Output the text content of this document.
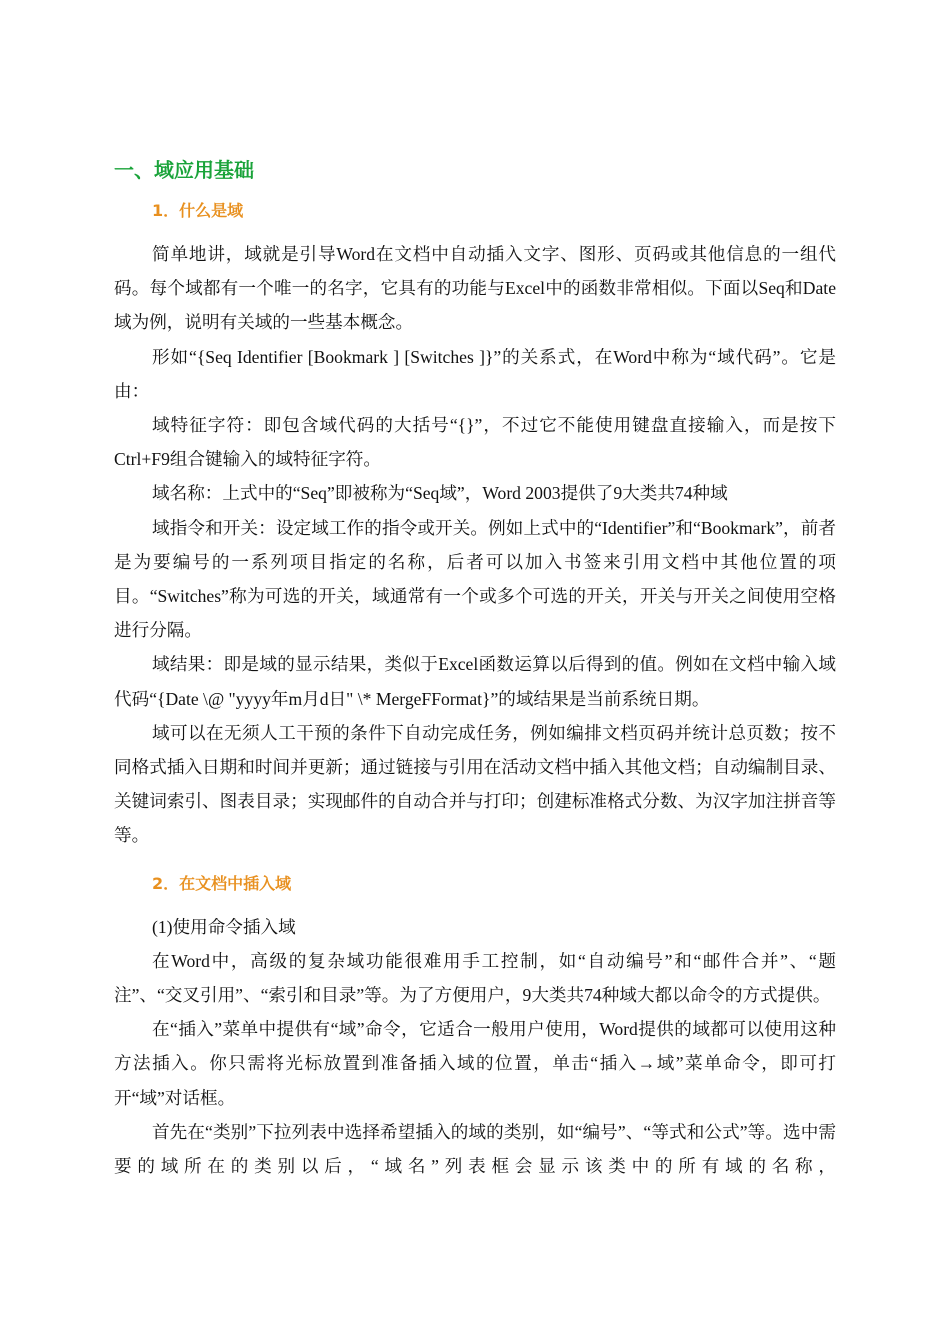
一、域应用基础
1．什么是域

简单地讲，域就是引导Word在文档中自动插入文字、图形、页码或其他信息的一组代码。每个域都有一个唯一的名字，它具有的功能与Excel中的函数非常相似。下面以Seq和Date域为例，说明有关域的一些基本概念。

形如“{Seq Identifier [Bookmark ] [Switches ]}”的关系式，在Word中称为“域代码”。它是由：

域特征字符：即包含域代码的大括号“{}”，不过它不能使用键盘直接输入，而是按下Ctrl+F9组合键输入的域特征字符。

域名称：上式中的“Seq”即被称为“Seq域”，Word 2003提供了9大类共74种域

域指令和开关：设定域工作的指令或开关。例如上式中的“Identifier”和“Bookmark”，前者是为要编号的一系列项目指定的名称，后者可以加入书签来引用文档中其他位置的项目。“Switches”称为可选的开关，域通常有一个或多个可选的开关，开关与开关之间使用空格进行分隔。

域结果：即是域的显示结果，类似于Excel函数运算以后得到的值。例如在文档中输入域代码“{Date \@ "yyyy年m月d日" \* MergeFFormat}”的域结果是当前系统日期。

域可以在无须人工干预的条件下自动完成任务，例如编排文档页码并统计总页数；按不同格式插入日期和时间并更新；通过链接与引用在活动文档中插入其他文档；自动编制目录、关键词索引、图表目录；实现邮件的自动合并与打印；创建标准格式分数、为汉字加注拼音等等。

2．在文档中插入域

(1)使用命令插入域

在Word中，高级的复杂域功能很难用手工控制，如“自动编号”和“邮件合并”、“题注”、“交叉引用”、“索引和目录”等。为了方便用户，9大类共74种域大都以命令的方式提供。

在“插入”菜单中提供有“域”命令，它适合一般用户使用，Word提供的域都可以使用这种方法插入。你只需将光标放置到准备插入域的位置，单击“插入→域”菜单命令，即可打开“域”对话框。

首先在“类别”下拉列表中选择希望插入的域的类别，如“编号”、“等式和公式”等。选中需要的域所在的类别以后，“域名”列表框会显示该类中的所有域的名称，
